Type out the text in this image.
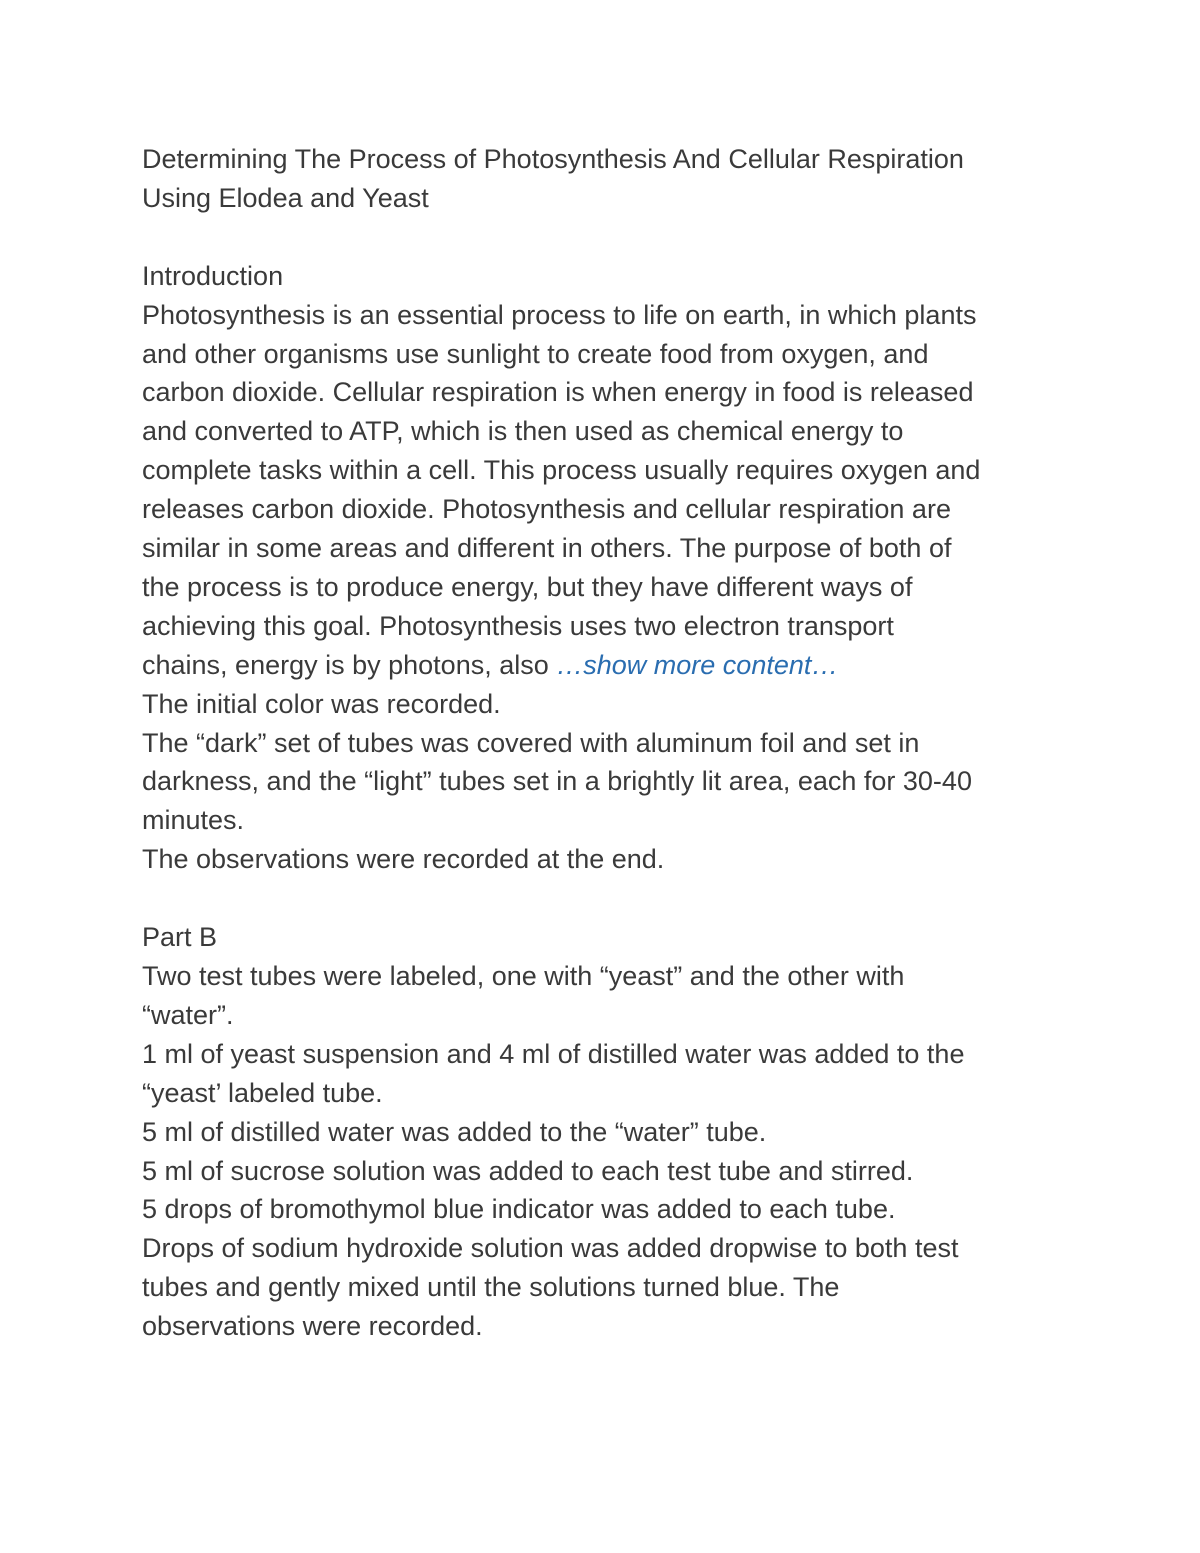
Determining The Process of Photosynthesis And Cellular Respiration
Using Elodea and Yeast
Introduction
Photosynthesis is an essential process to life on earth, in which plants
and other organisms use sunlight to create food from oxygen, and
carbon dioxide. Cellular respiration is when energy in food is released
and converted to ATP, which is then used as chemical energy to
complete tasks within a cell. This process usually requires oxygen and
releases carbon dioxide. Photosynthesis and cellular respiration are
similar in some areas and different in others. The purpose of both of
the process is to produce energy, but they have different ways of
achieving this goal. Photosynthesis uses two electron transport
chains, energy is by photons, also …show more content…
The initial color was recorded.
The “dark” set of tubes was covered with aluminum foil and set in
darkness, and the “light” tubes set in a brightly lit area, each for 30-40
minutes.
The observations were recorded at the end.
Part B
Two test tubes were labeled, one with “yeast” and the other with
“water”.
1 ml of yeast suspension and 4 ml of distilled water was added to the
“yeast’ labeled tube.
5 ml of distilled water was added to the “water” tube.
5 ml of sucrose solution was added to each test tube and stirred.
5 drops of bromothymol blue indicator was added to each tube.
Drops of sodium hydroxide solution was added dropwise to both test
tubes and gently mixed until the solutions turned blue. The
observations were recorded.
